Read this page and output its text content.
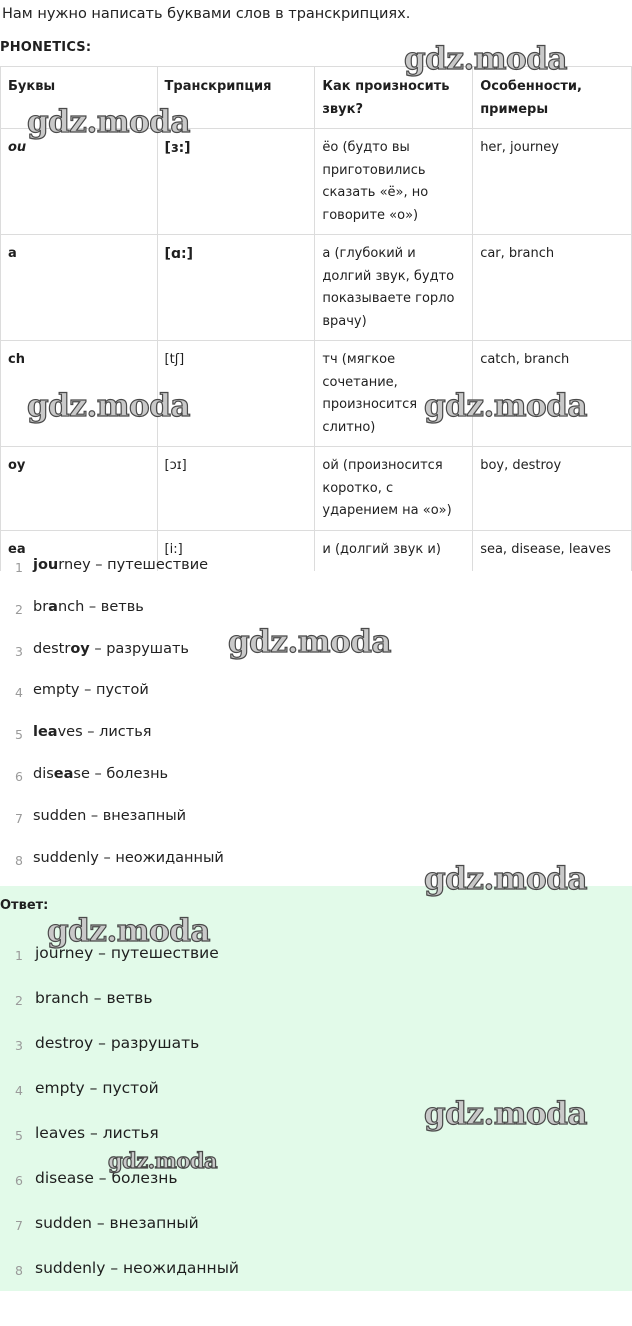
Нам нужно написать буквами слов в транскрипциях.
PHONETICS:
Буквы	Транскрипция	Как произносить звук?	Особенности, примеры
ou	[ɜ:]	ё‌о (будто вы приготовились сказать «ё», но говорите «о»)	her, journey
a	[ɑ:]	а (глубокий и долгий звук, будто показываете горло врачу)	car, branch
ch	[tʃ]	тч (мягкое сочетание, произносится слитно)	catch, branch
oy	[ɔɪ]	ой (произносится коротко, с ударением на «о»)	boy, destroy
ea	[i:]	и (долгий звук и)	sea, disease, leaves
1 journey – путешествие
2 branch – ветвь
3 destroy – разрушать
4 empty – пустой
5 leaves – листья
6 disease – болезнь
7 sudden – внезапный
8 suddenly – неожиданный
Ответ:
1 journey – путешествие
2 branch – ветвь
3 destroy – разрушать
4 empty – пустой
5 leaves – листья
6 disease – болезнь
7 sudden – внезапный
8 suddenly – неожиданный
gdz.moda
gdz.moda
gdz.moda	gdz.moda
gdz.moda
gdz.moda
gdz.moda
gdz.moda
gdz.moda
